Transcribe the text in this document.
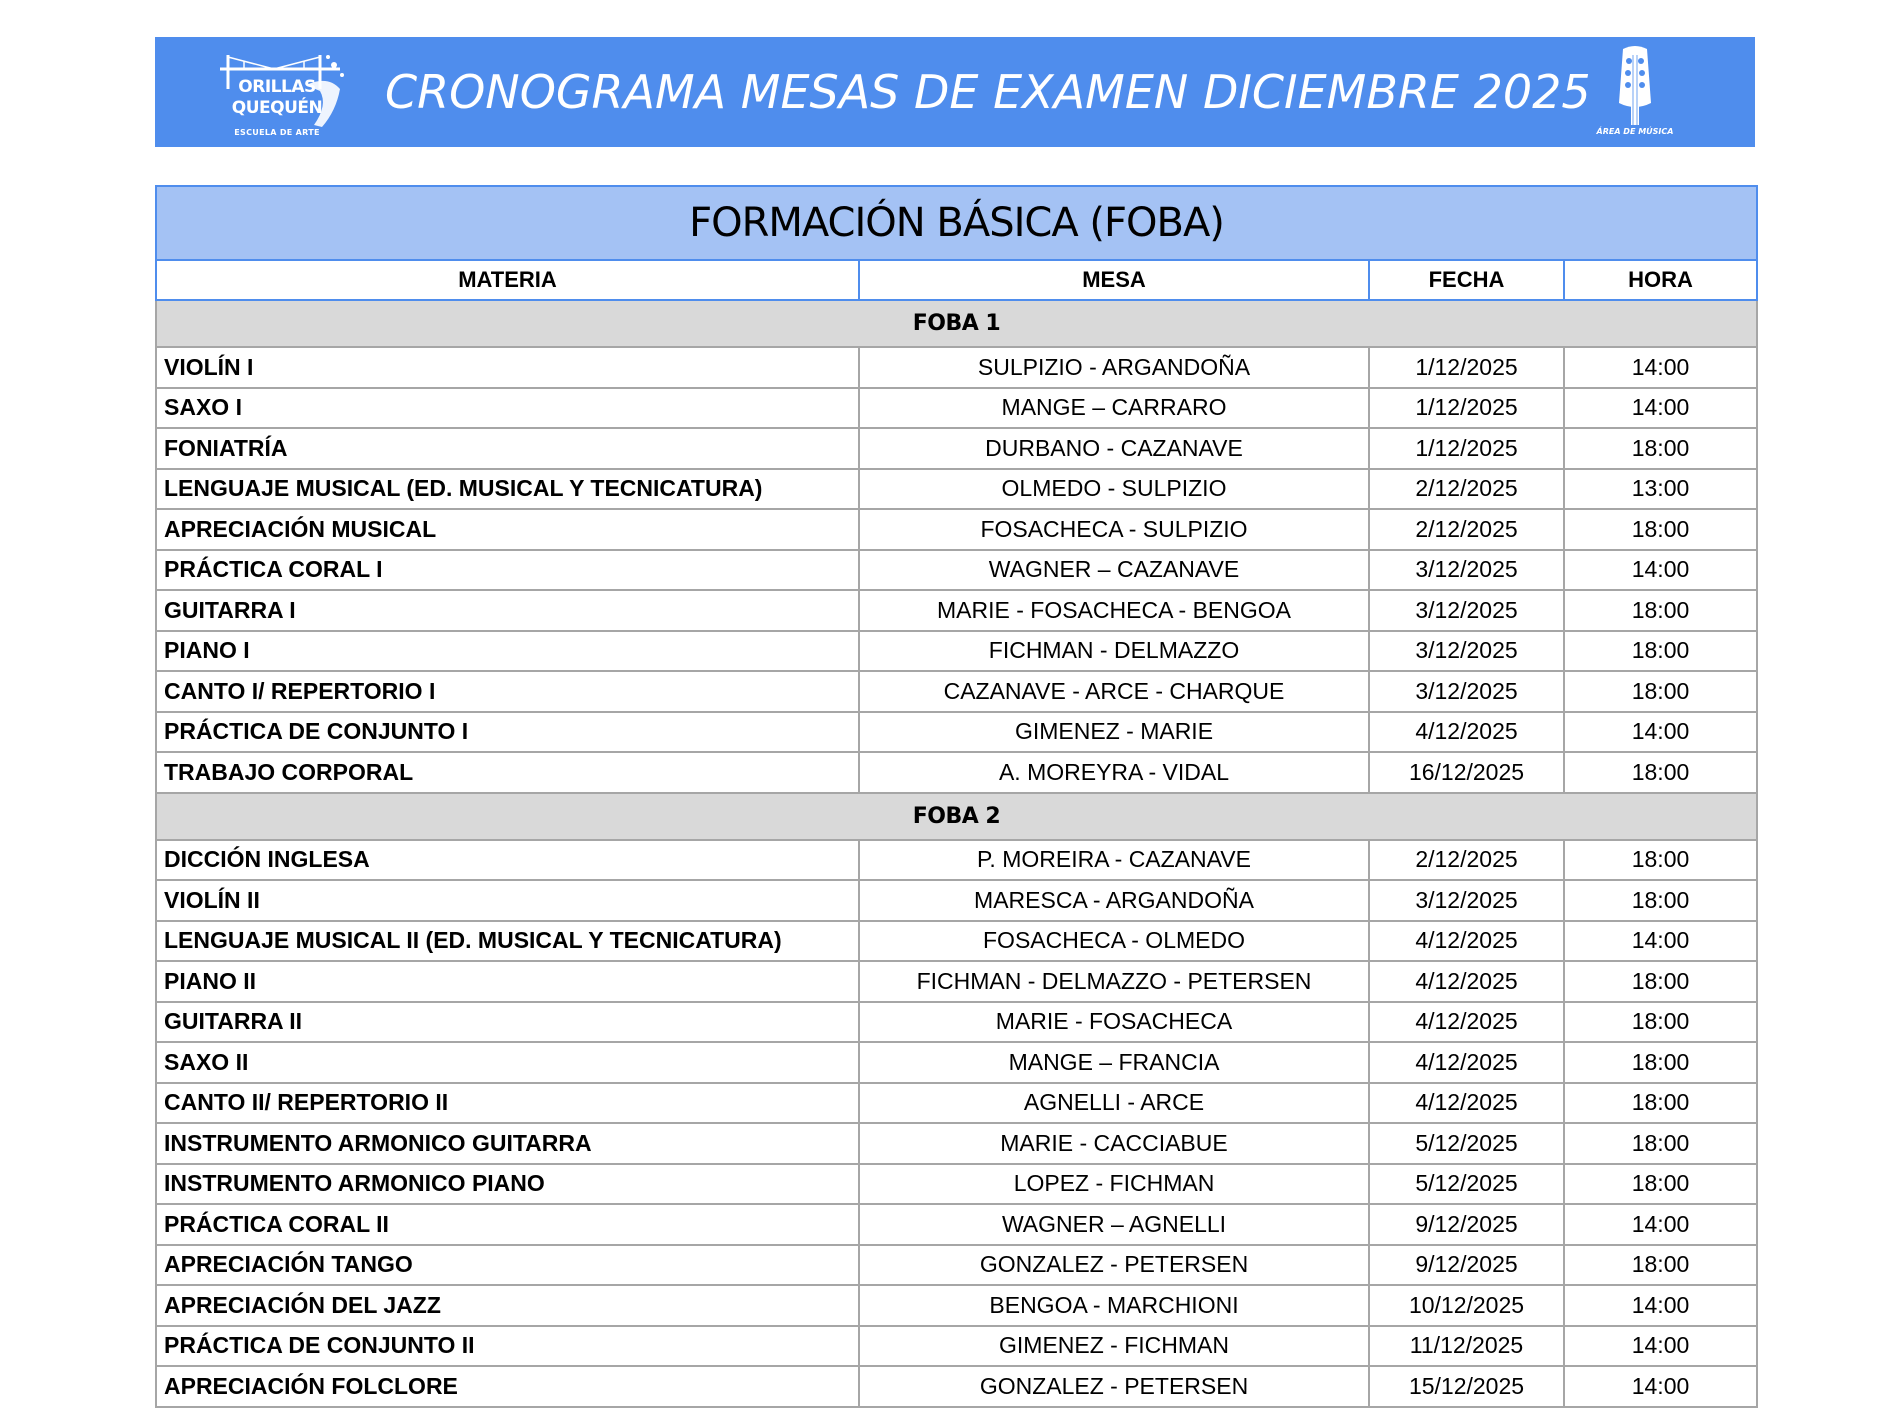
ORILLAS
QUEQUÉN
ESCUELA DE ARTE
CRONOGRAMA MESAS DE EXAMEN DICIEMBRE 2025
ÁREA DE MÚSICA
FORMACIÓN BÁSICA (FOBA)			
MATERIA	MESA	FECHA	HORA
FOBA 1			
VIOLÍN I	SULPIZIO - ARGANDOÑA	1/12/2025	14:00
SAXO I	MANGE – CARRARO	1/12/2025	14:00
FONIATRÍA	DURBANO - CAZANAVE	1/12/2025	18:00
LENGUAJE MUSICAL (ED. MUSICAL Y TECNICATURA)	OLMEDO - SULPIZIO	2/12/2025	13:00
APRECIACIÓN MUSICAL	FOSACHECA - SULPIZIO	2/12/2025	18:00
PRÁCTICA CORAL I	WAGNER – CAZANAVE	3/12/2025	14:00
GUITARRA I	MARIE - FOSACHECA - BENGOA	3/12/2025	18:00
PIANO I	FICHMAN - DELMAZZO	3/12/2025	18:00
CANTO I/ REPERTORIO I	CAZANAVE - ARCE - CHARQUE	3/12/2025	18:00
PRÁCTICA DE CONJUNTO I	GIMENEZ - MARIE	4/12/2025	14:00
TRABAJO CORPORAL	A. MOREYRA - VIDAL	16/12/2025	18:00
FOBA 2			
DICCIÓN INGLESA	P. MOREIRA - CAZANAVE	2/12/2025	18:00
VIOLÍN II	MARESCA - ARGANDOÑA	3/12/2025	18:00
LENGUAJE MUSICAL II (ED. MUSICAL Y TECNICATURA)	FOSACHECA - OLMEDO	4/12/2025	14:00
PIANO II	FICHMAN - DELMAZZO - PETERSEN	4/12/2025	18:00
GUITARRA II	MARIE - FOSACHECA	4/12/2025	18:00
SAXO II	MANGE – FRANCIA	4/12/2025	18:00
CANTO II/ REPERTORIO II	AGNELLI - ARCE	4/12/2025	18:00
INSTRUMENTO ARMONICO GUITARRA	MARIE - CACCIABUE	5/12/2025	18:00
INSTRUMENTO ARMONICO PIANO	LOPEZ - FICHMAN	5/12/2025	18:00
PRÁCTICA CORAL II	WAGNER – AGNELLI	9/12/2025	14:00
APRECIACIÓN TANGO	GONZALEZ - PETERSEN	9/12/2025	18:00
APRECIACIÓN DEL JAZZ	BENGOA - MARCHIONI	10/12/2025	14:00
PRÁCTICA DE CONJUNTO II	GIMENEZ - FICHMAN	11/12/2025	14:00
APRECIACIÓN FOLCLORE	GONZALEZ - PETERSEN	15/12/2025	14:00
